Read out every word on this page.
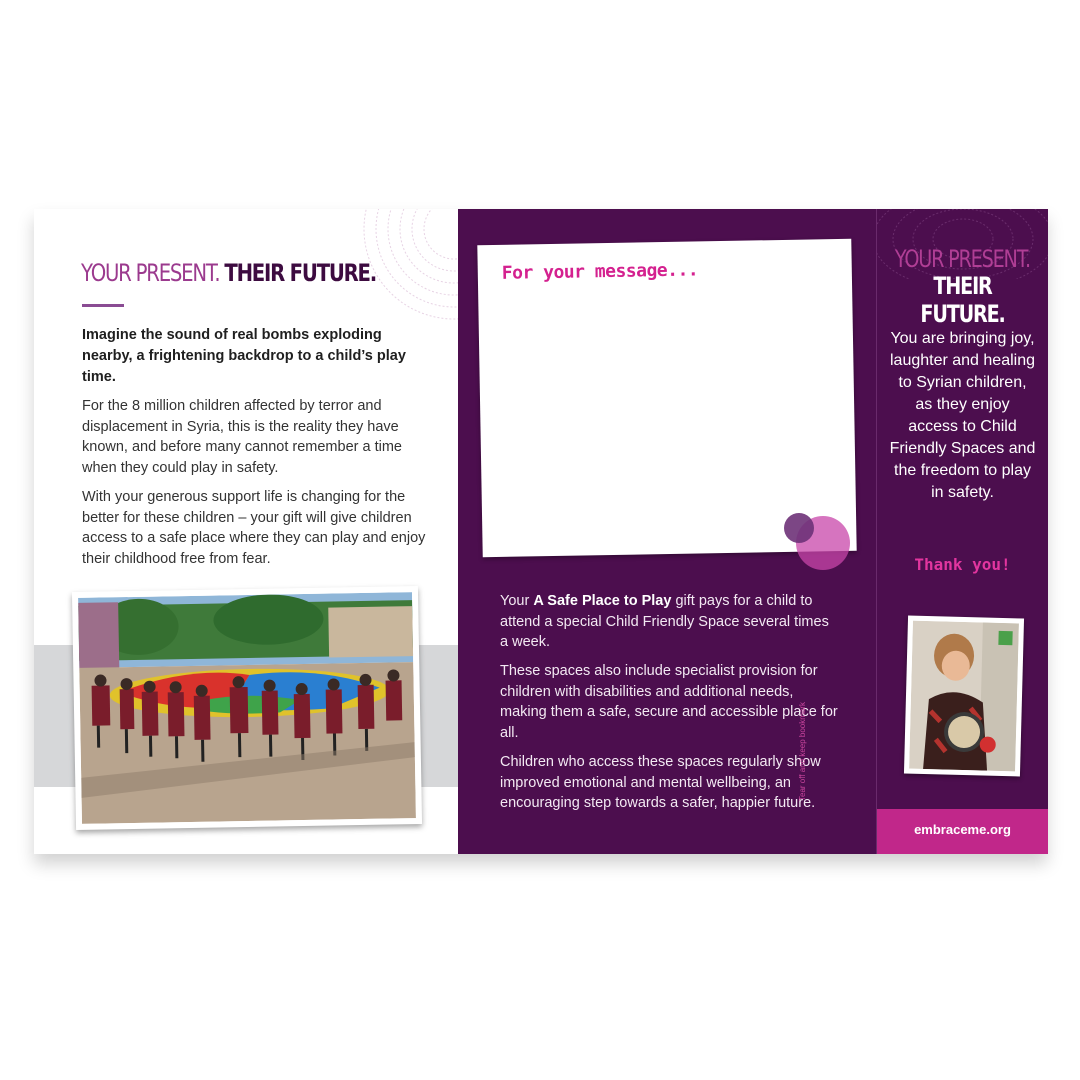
YOUR PRESENT. THEIR FUTURE.

Imagine the sound of real bombs exploding nearby, a frightening backdrop to a child’s play time.

For the 8 million children affected by terror and displacement in Syria, this is the reality they have known, and before many cannot remember a time when they could play in safety.

With your generous support life is changing for the better for these children – your gift will give children access to a safe place where they can play and enjoy their childhood free from fear.

For your message...

Your A Safe Place to Play gift pays for a child to attend a special Child Friendly Space several times a week.

These spaces also include specialist provision for children with disabilities and additional needs, making them a safe, secure and accessible place for all.

Children who access these spaces regularly show improved emotional and mental wellbeing, an encouraging step towards a safer, happier future.

Tear off and keep bookmark

YOUR PRESENT.

THEIR FUTURE.

You are bringing joy, laughter and healing to Syrian children, as they enjoy access to Child Friendly Spaces and the freedom to play in safety.

Thank you!

embraceme.org
